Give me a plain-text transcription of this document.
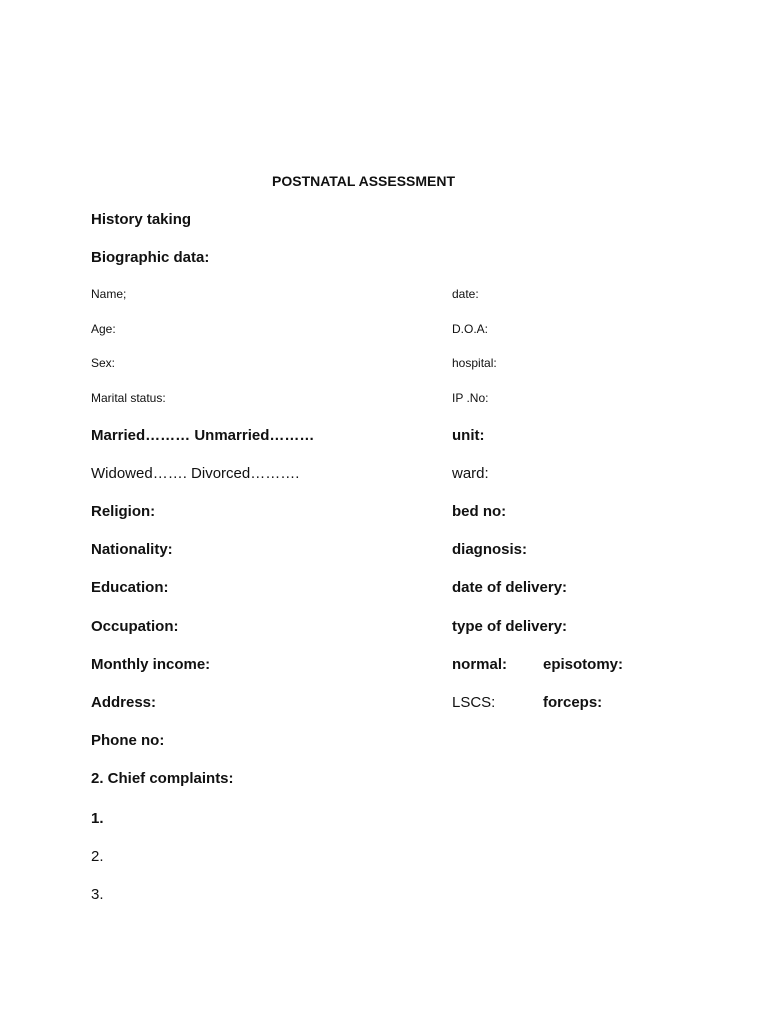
POSTNATAL ASSESSMENT
History taking
Biographic data:
Name;
Age:
Sex:
Marital status:
date:
D.O.A:
hospital:
IP .No:
Married……… Unmarried………
Widowed……. Divorced……….
Religion:
Nationality:
Education:
Occupation:
Monthly income:
Address:
Phone no:
unit:
ward:
bed no:
diagnosis:
date of delivery:
type of delivery:
normal: episotomy:
LSCS:	forceps:
2. Chief complaints:
1.
2.
3.
